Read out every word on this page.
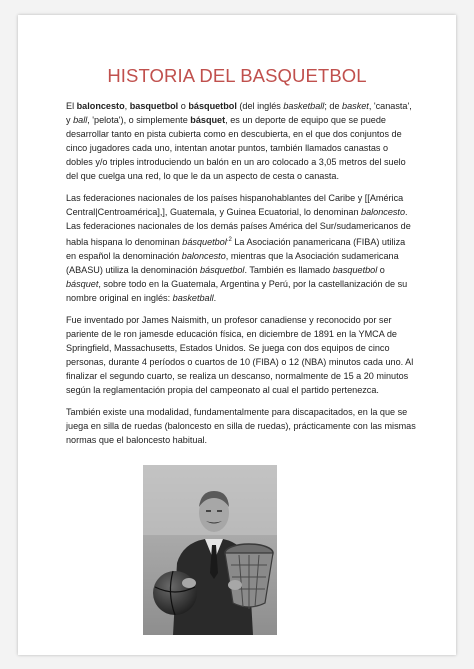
HISTORIA DEL BASQUETBOL

El baloncesto, basquetbol o básquetbol (del inglés basketball; de basket, 'canasta', y ball, 'pelota'), o simplemente básquet, es un deporte de equipo que se puede desarrollar tanto en pista cubierta como en descubierta, en el que dos conjuntos de cinco jugadores cada uno, intentan anotar puntos, también llamados canastas o dobles y/o triples introduciendo un balón en un aro colocado a 3,05 metros del suelo del que cuelga una red, lo que le da un aspecto de cesta o canasta.

Las federaciones nacionales de los países hispanohablantes del Caribe y [[América Central|Centroamérica],], Guatemala, y Guinea Ecuatorial, lo denominan baloncesto. Las federaciones nacionales de los demás países América del Sur/sudamericanos de habla hispana lo denominan básquetbol$^{.2}$ La Asociación panamericana (FIBA) utiliza en español la denominación baloncesto, mientras que la Asociación sudamericana (ABASU) utiliza la denominación básquetbol. También es llamado basquetbol o básquet, sobre todo en la Guatemala, Argentina y Perú, por la castellanización de su nombre original en inglés: basketball.

Fue inventado por James Naismith, un profesor canadiense y reconocido por ser pariente de le ron jamesde educación física, en diciembre de 1891 en la YMCA de Springfield, Massachusetts, Estados Unidos. Se juega con dos equipos de cinco personas, durante 4 períodos o cuartos de 10 (FIBA) o 12 (NBA) minutos cada uno. Al finalizar el segundo cuarto, se realiza un descanso, normalmente de 15 a 20 minutos según la reglamentación propia del campeonato al cual el partido pertenezca.

También existe una modalidad, fundamentalmente para discapacitados, en la que se juega en silla de ruedas (baloncesto en silla de ruedas), prácticamente con las mismas normas que el baloncesto habitual.
